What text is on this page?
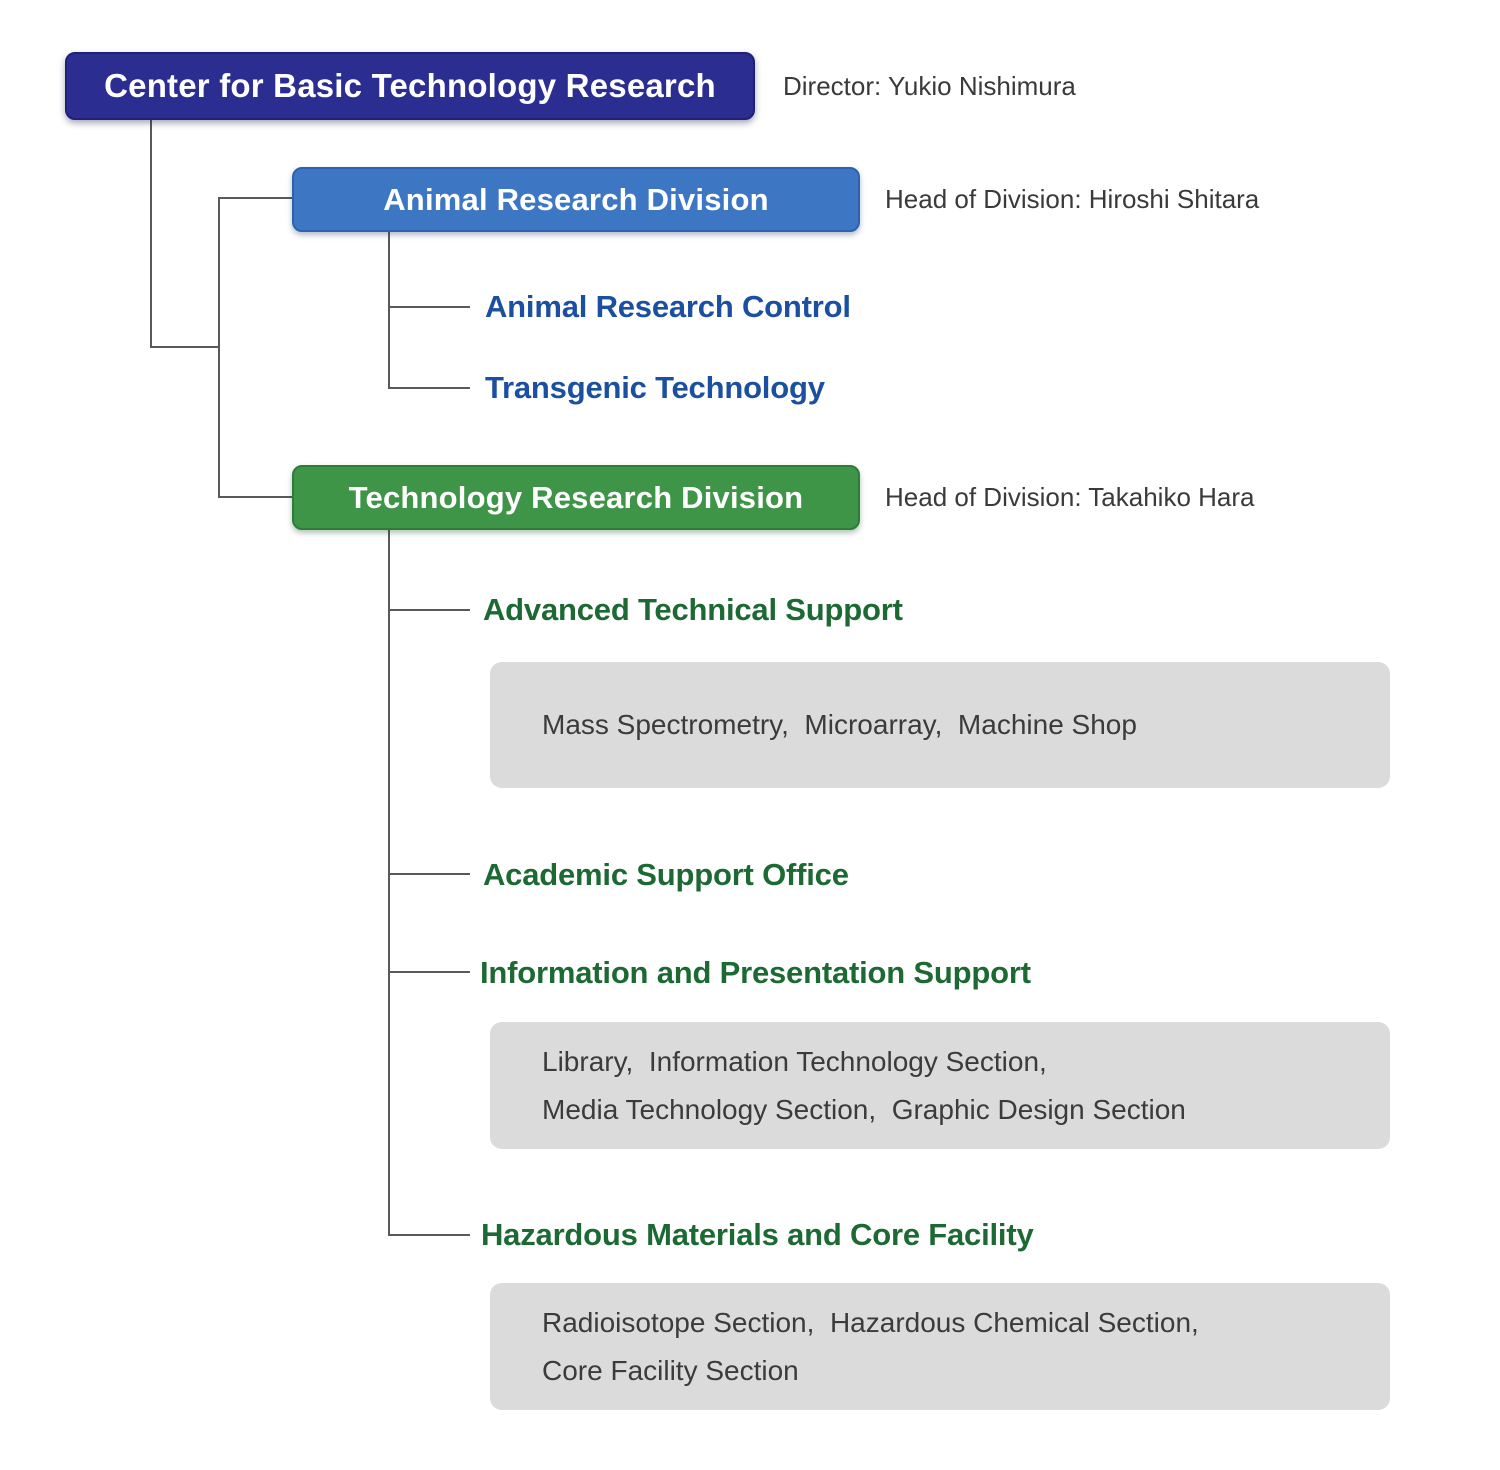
Center for Basic Technology Research	Director: Yukio Nishimura
Animal Research Division	Head of Division: Hiroshi Shitara
Animal Research Control
Transgenic Technology
Technology Research Division	Head of Division: Takahiko Hara
Advanced Technical Support
Mass Spectrometry,  Microarray,  Machine Shop
Academic Support Office
Information and Presentation Support
Library,  Information Technology Section,
Media Technology Section,  Graphic Design Section
Hazardous Materials and Core Facility
Radioisotope Section,  Hazardous Chemical Section,
Core Facility Section
